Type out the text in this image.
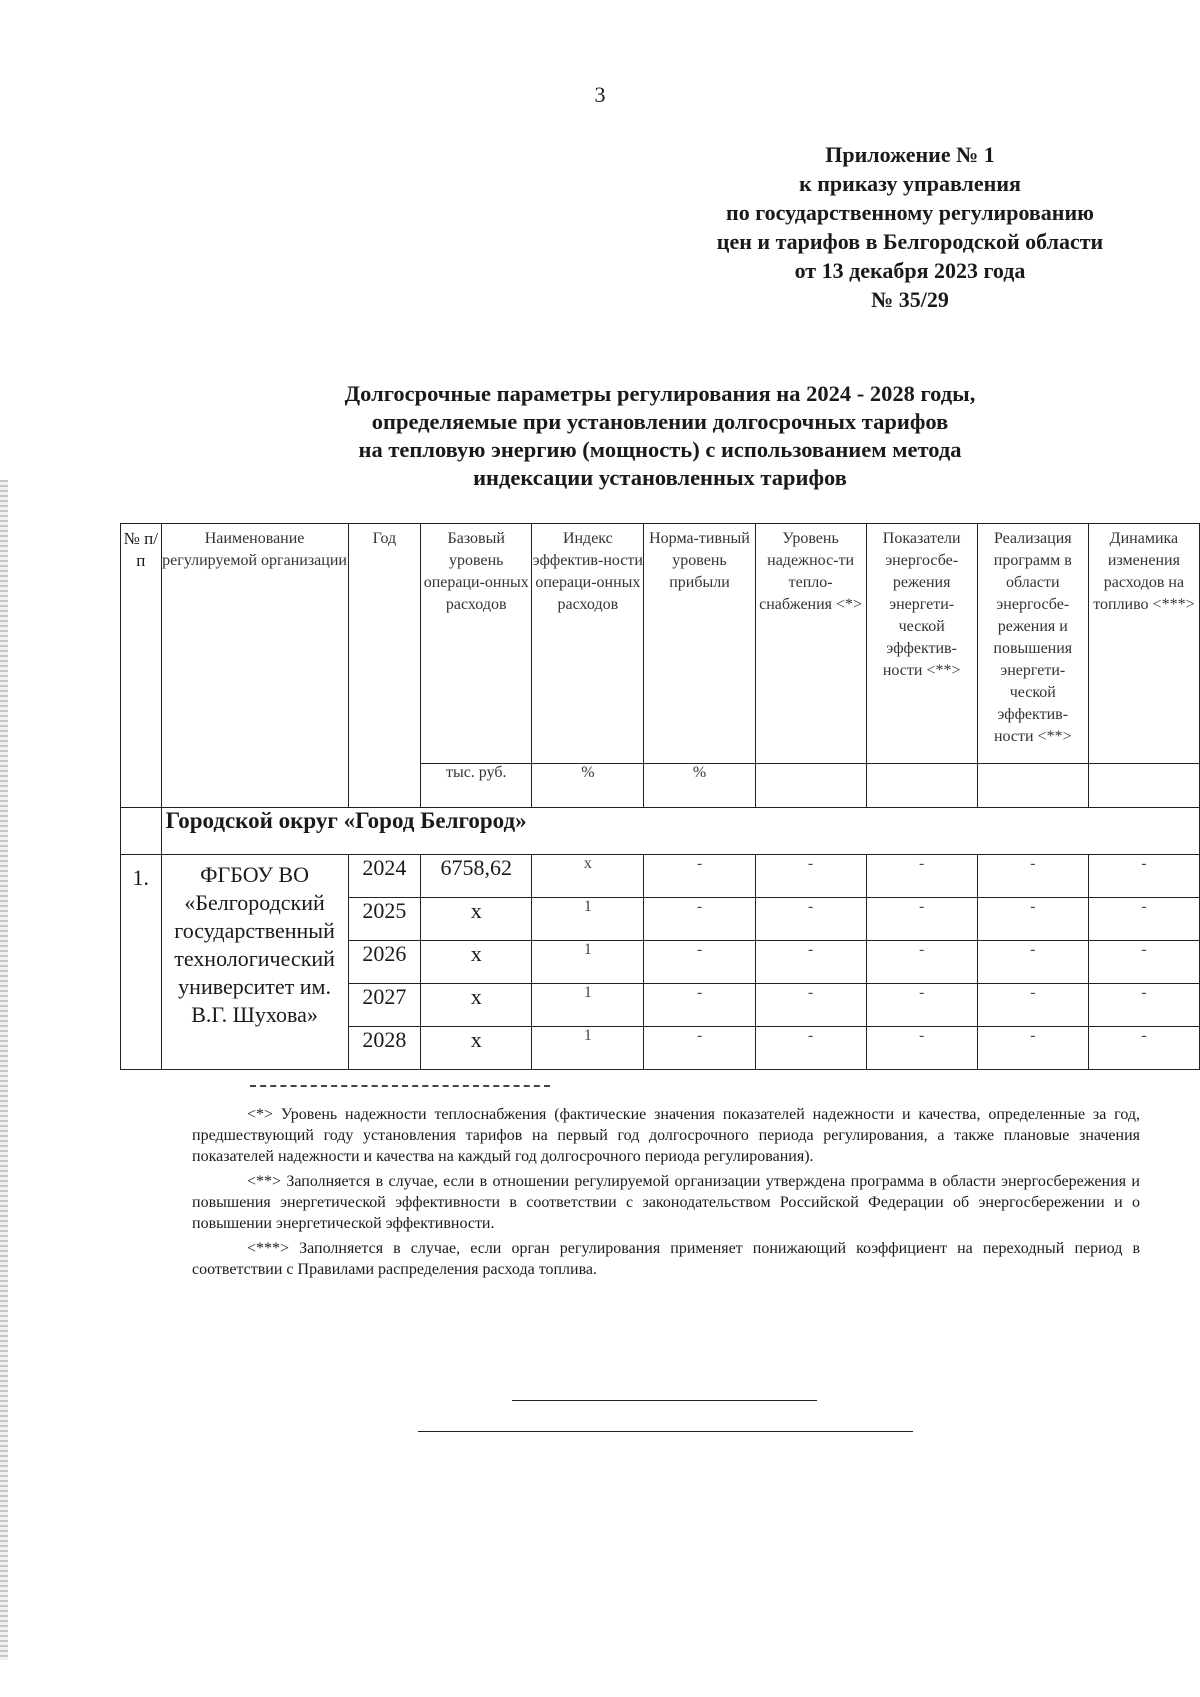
3
Приложение № 1
к приказу управления
по государственному регулированию
цен и тарифов в Белгородской области
от 13 декабря 2023 года
№ 35/29
Долгосрочные параметры регулирования на 2024 - 2028 годы,
определяемые при установлении долгосрочных тарифов
на тепловую энергию (мощность) с использованием метода
индексации установленных тарифов
№ п/п	Наименование регулируемой организации	Год	Базовый уровень операци-онных расходов	Индекс эффектив-ности операци-онных расходов	Норма-тивный уровень прибыли	Уровень надежнос-ти тепло-снабжения <*>	Показатели энергосбе-режения энергети-ческой эффектив-ности <**>	Реализация программ в области энергосбе-режения и повышения энергети-ческой эффектив-ности <**>	Динамика изменения расходов на топливо <***>
			тыс. руб.	%	%				
	Городской округ «Город Белгород»								
1.	ФГБОУ ВО «Белгородский государственный технологический университет им. В.Г. Шухова»	2024	6758,62	x	-	-	-	-	-
		2025	x	1	-	-	-	-	-
		2026	x	1	-	-	-	-	-
		2027	x	1	-	-	-	-	-
		2028	x	1	-	-	-	-	-

<*> Уровень надежности теплоснабжения (фактические значения показателей надежности и качества, определенные за год, предшествующий году установления тарифов на первый год долгосрочного периода регулирования, а также плановые значения показателей надежности и качества на каждый год долгосрочного периода регулирования).

<**> Заполняется в случае, если в отношении регулируемой организации утверждена программа в области энергосбережения и повышения энергетической эффективности в соответствии с законодательством Российской Федерации об энергосбережении и о повышении энергетической эффективности.

<***> Заполняется в случае, если орган регулирования применяет понижающий коэффициент на переходный период в соответствии с Правилами распределения расхода топлива.
